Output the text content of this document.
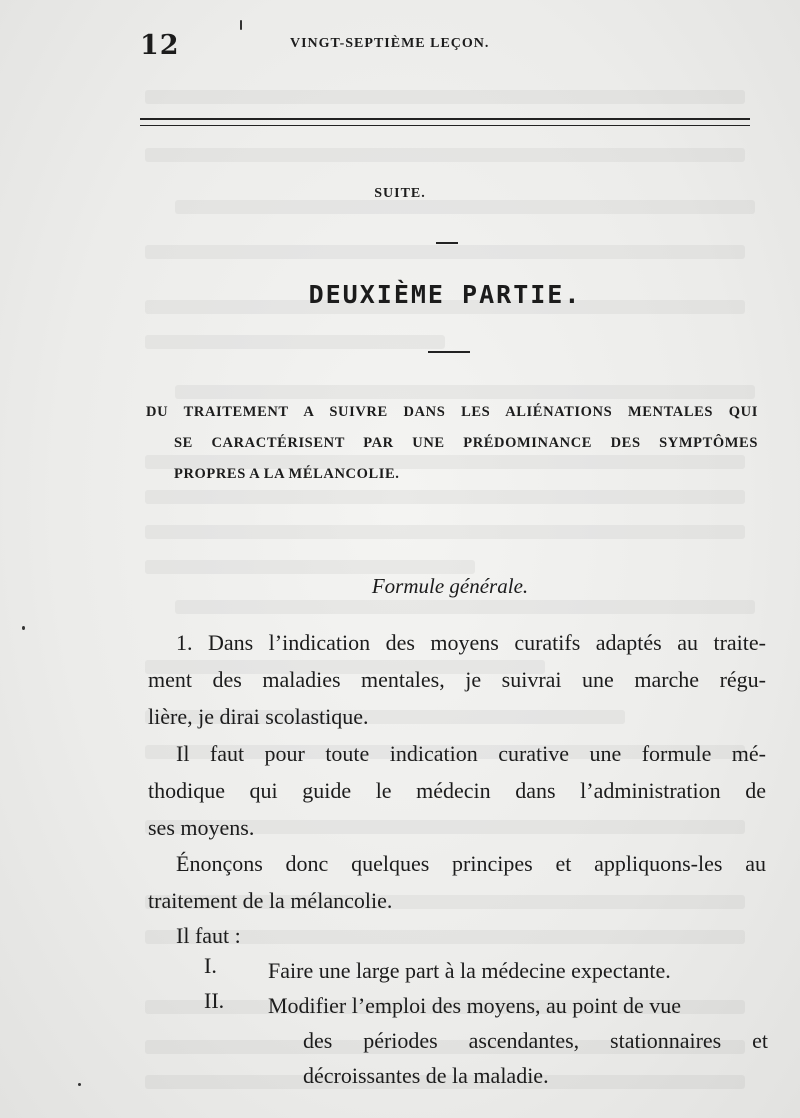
12	VINGT-SEPTIÈME LEÇON.
SUITE.
DEUXIÈME PARTIE.
DU TRAITEMENT A SUIVRE DANS LES ALIÉNATIONS MENTALES QUI
SE CARACTÉRISENT PAR UNE PRÉDOMINANCE DES SYMPTÔMES
PROPRES A LA MÉLANCOLIE.
Formule générale.
1. Dans l’indication des moyens curatifs adaptés au traite-
ment des maladies mentales, je suivrai une marche régu-
lière, je dirai scolastique.
Il faut pour toute indication curative une formule mé-
thodique qui guide le médecin dans l’administration de
ses moyens.
Énonçons donc quelques principes et appliquons-les au
traitement de la mélancolie.
Il faut :
I. Faire une large part à la médecine expectante.
II. Modifier l’emploi des moyens, au point de vue
des périodes ascendantes, stationnaires et
décroissantes de la maladie.
